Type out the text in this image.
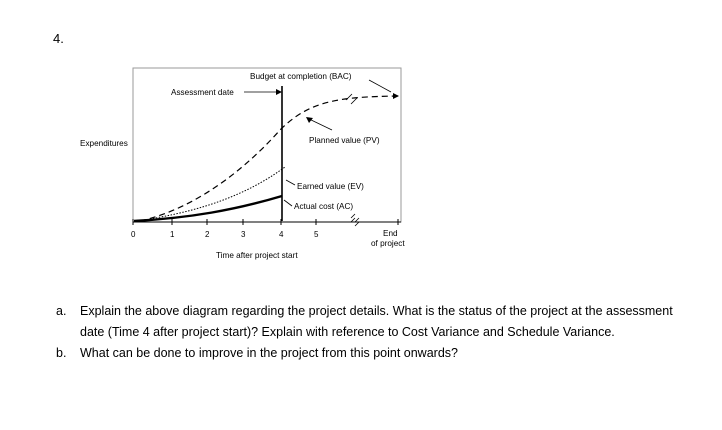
4.
0	1	2	3	4	5
Budget at completion (BAC)
Assessment date
Expenditures	Planned value (PV)
Earned value (EV)
Actual cost (AC)
Time after project start
End
of project
a.	Explain the above diagram regarding the project details. What is the status of the project at the assessment date (Time 4 after project start)? Explain with reference to Cost Variance and Schedule Variance.
b.	What can be done to improve in the project from this point onwards?
